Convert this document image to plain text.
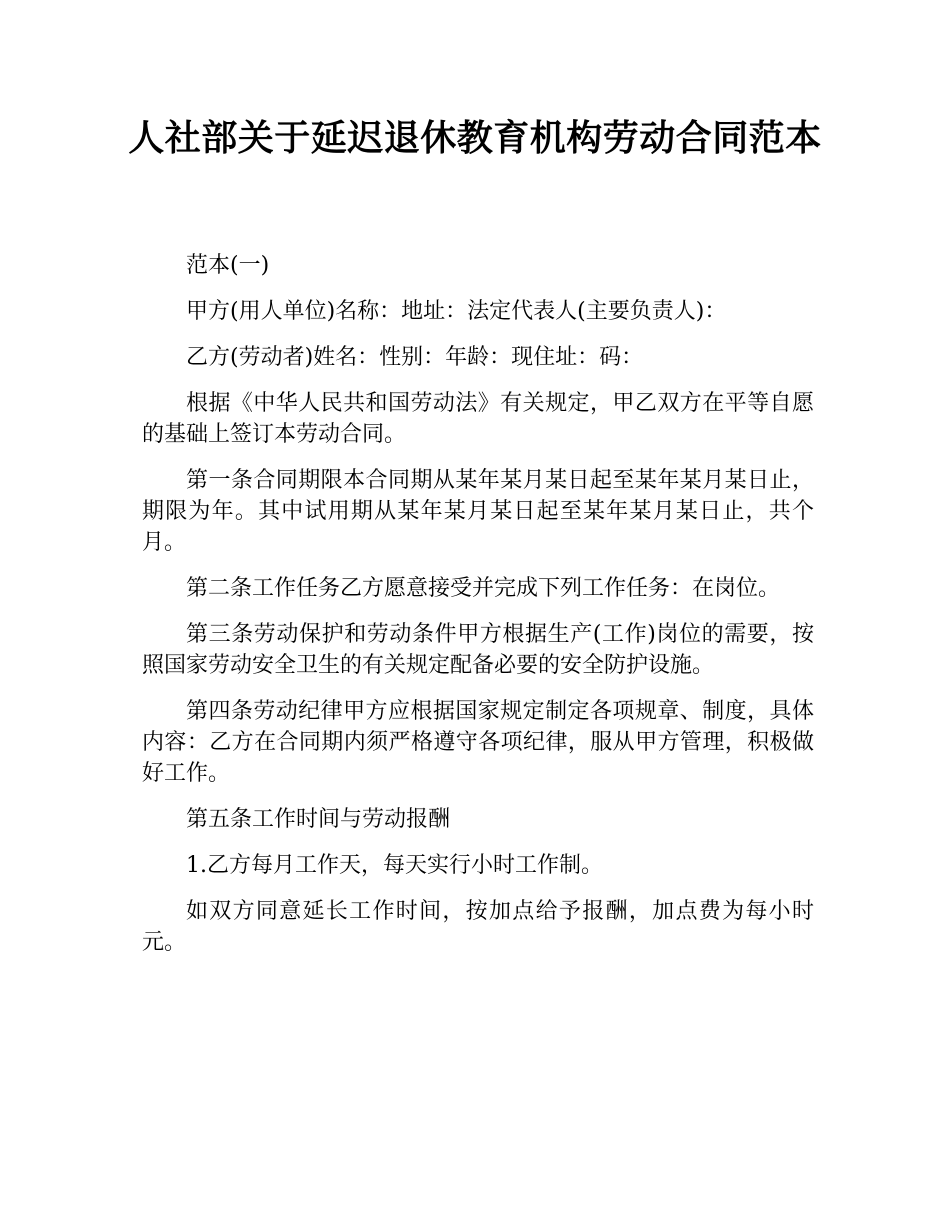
人社部关于延迟退休教育机构劳动合同范本

范本(一)

甲方(用人单位)名称：地址：法定代表人(主要负责人)：

乙方(劳动者)姓名：性别：年龄：现住址：码：

根据《中华人民共和国劳动法》有关规定，甲乙双方在平等自愿的基础上签订本劳动合同。

第一条合同期限本合同期从某年某月某日起至某年某月某日止，期限为年。其中试用期从某年某月某日起至某年某月某日止，共个月。

第二条工作任务乙方愿意接受并完成下列工作任务：在岗位。

第三条劳动保护和劳动条件甲方根据生产(工作)岗位的需要，按照国家劳动安全卫生的有关规定配备必要的安全防护设施。

第四条劳动纪律甲方应根据国家规定制定各项规章、制度，具体内容：乙方在合同期内须严格遵守各项纪律，服从甲方管理，积极做好工作。

第五条工作时间与劳动报酬

1.乙方每月工作天，每天实行小时工作制。

如双方同意延长工作时间，按加点给予报酬，加点费为每小时元。
